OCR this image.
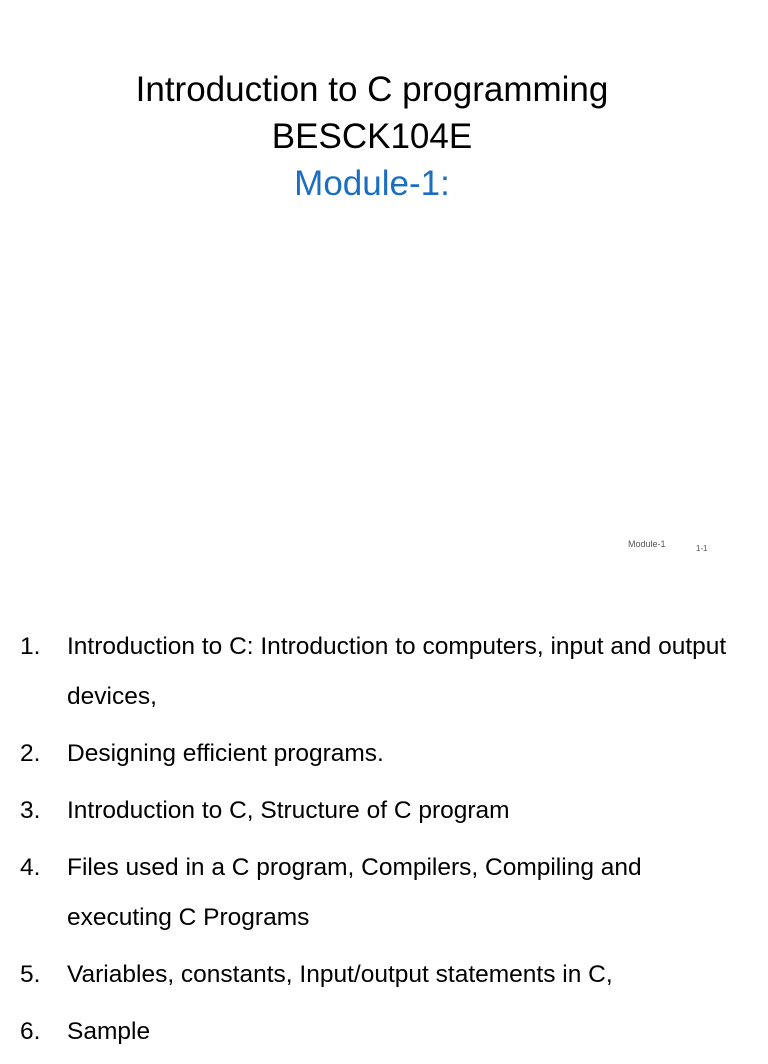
Introduction to C programming
BESCK104E
Module-1:
Module-1	1-1
1. Introduction to C: Introduction to computers, input and output devices,
2. Designing efficient programs.
3. Introduction to C, Structure of C program
4. Files used in a C program, Compilers, Compiling and executing C Programs
5. Variables, constants, Input/output statements in C,
6. Sample
